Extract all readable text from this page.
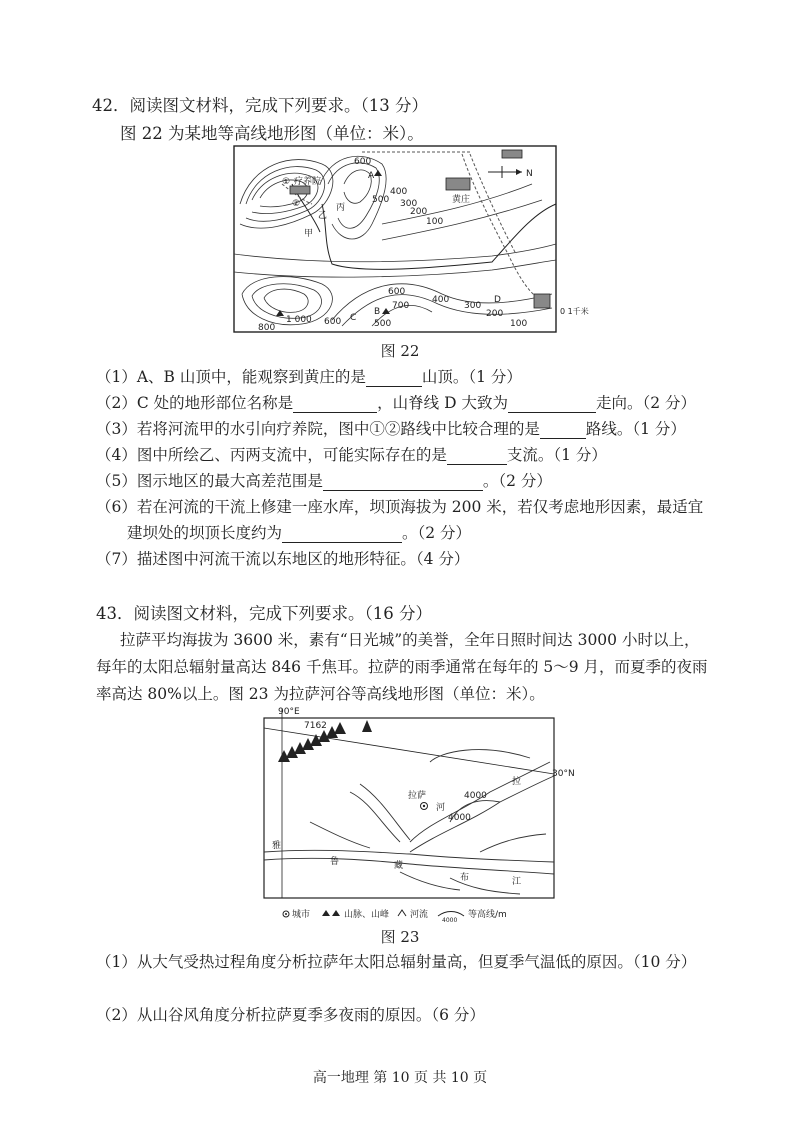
42．阅读图文材料，完成下列要求。（13 分）
图 22 为某地等高线地形图（单位：米）。
600
A
400
500 300
200
100
① 疗养院
②
乙
丙
甲
黄庄
N
600
700
B
500
600 C
1 000
800
400	D
300
200
100
0 1千米
图 22
（1）A、B 山顶中，能观察到黄庄的是	山顶。（1 分）
（2）C 处的地形部位名称是	，山脊线 D 大致为	走向。（2 分）
（3）若将河流甲的水引向疗养院，图中①②路线中比较合理的是	路线。（1 分）
（4）图中所绘乙、丙两支流中，可能实际存在的是	支流。（1 分）
（5）图示地区的最大高差范围是	。（2 分）
（6）若在河流的干流上修建一座水库，坝顶海拔为 200 米，若仅考虑地形因素，最适宜
建坝处的坝顶长度约为	。（2 分）
（7）描述图中河流干流以东地区的地形特征。（4 分）
43．阅读图文材料，完成下列要求。（16 分）
拉萨平均海拔为 3600 米，素有“日光城”的美誉，全年日照时间达 3000 小时以上，
每年的太阳总辐射量高达 846 千焦耳。拉萨的雨季通常在每年的 5～9 月，而夏季的夜雨
率高达 80%以上。图 23 为拉萨河谷等高线地形图（单位：米）。
90°E
7162
30°N
拉萨
河
4000
4000
拉
雅
鲁	藏
布	江
城市	山脉、山峰 河流
4000
等高线/m
图 23
（1）从大气受热过程角度分析拉萨年太阳总辐射量高，但夏季气温低的原因。（10 分）
（2）从山谷风角度分析拉萨夏季多夜雨的原因。（6 分）
高一地理 第 10 页 共 10 页
